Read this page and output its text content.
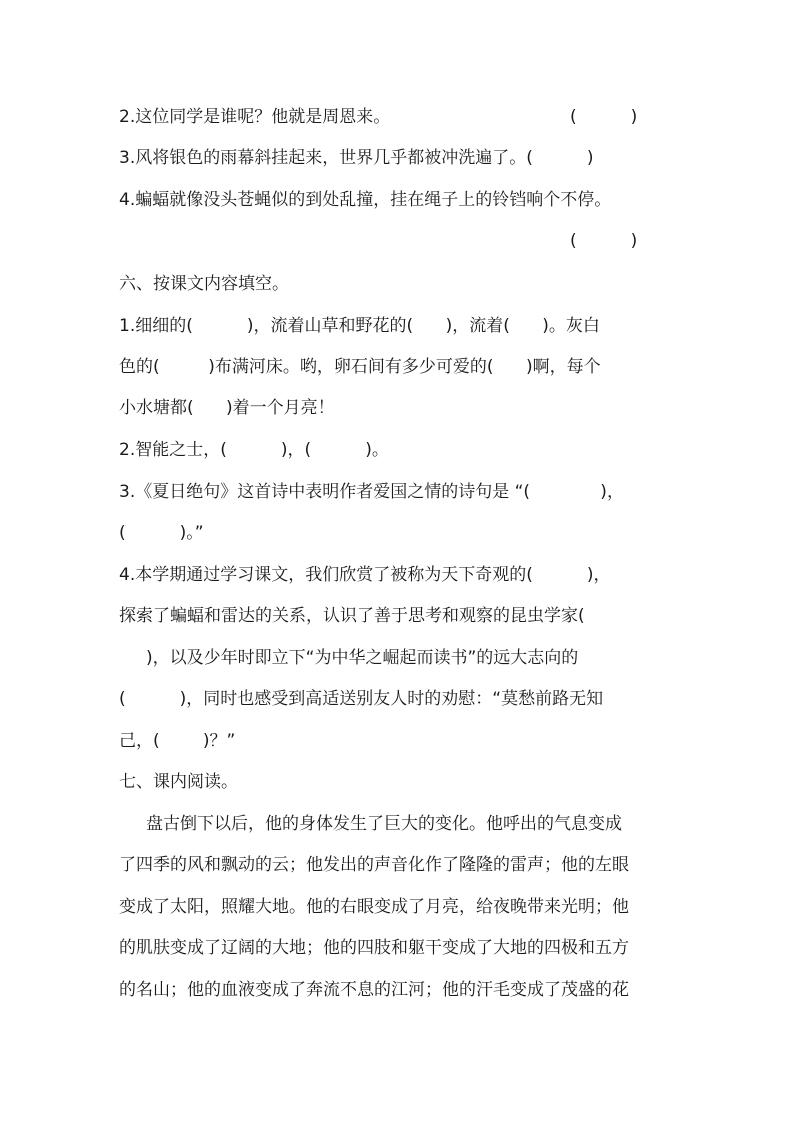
2.这位同学是谁呢？他就是周恩来。	(          )
3.风将银色的雨幕斜挂起来，世界几乎都被冲洗遍了。(          )
4.蝙蝠就像没头苍蝇似的到处乱撞，挂在绳子上的铃铛响个不停。
(          )
六、按课文内容填空。
1.细细的(          )，流着山草和野花的(      )，流着(      )。灰白
色的(         )布满河床。哟，卵石间有多少可爱的(      )啊，每个
小水塘都(      )着一个月亮！
2.智能之士，(          )，(          )。
3.《夏日绝句》这首诗中表明作者爱国之情的诗句是 “(             )，
(          )。”
4.本学期通过学习课文，我们欣赏了被称为天下奇观的(          )，
探索了蝙蝠和雷达的关系，认识了善于思考和观察的昆虫学家(
)，以及少年时即立下“为中华之崛起而读书”的远大志向的
(          )，同时也感受到高适送别友人时的劝慰：“莫愁前路无知
己，(        )？”
七、课内阅读。
盘古倒下以后，他的身体发生了巨大的变化。他呼出的气息变成
了四季的风和飘动的云；他发出的声音化作了隆隆的雷声；他的左眼
变成了太阳，照耀大地。他的右眼变成了月亮，给夜晚带来光明；他
的肌肤变成了辽阔的大地；他的四肢和躯干变成了大地的四极和五方
的名山；他的血液变成了奔流不息的江河；他的汗毛变成了茂盛的花
